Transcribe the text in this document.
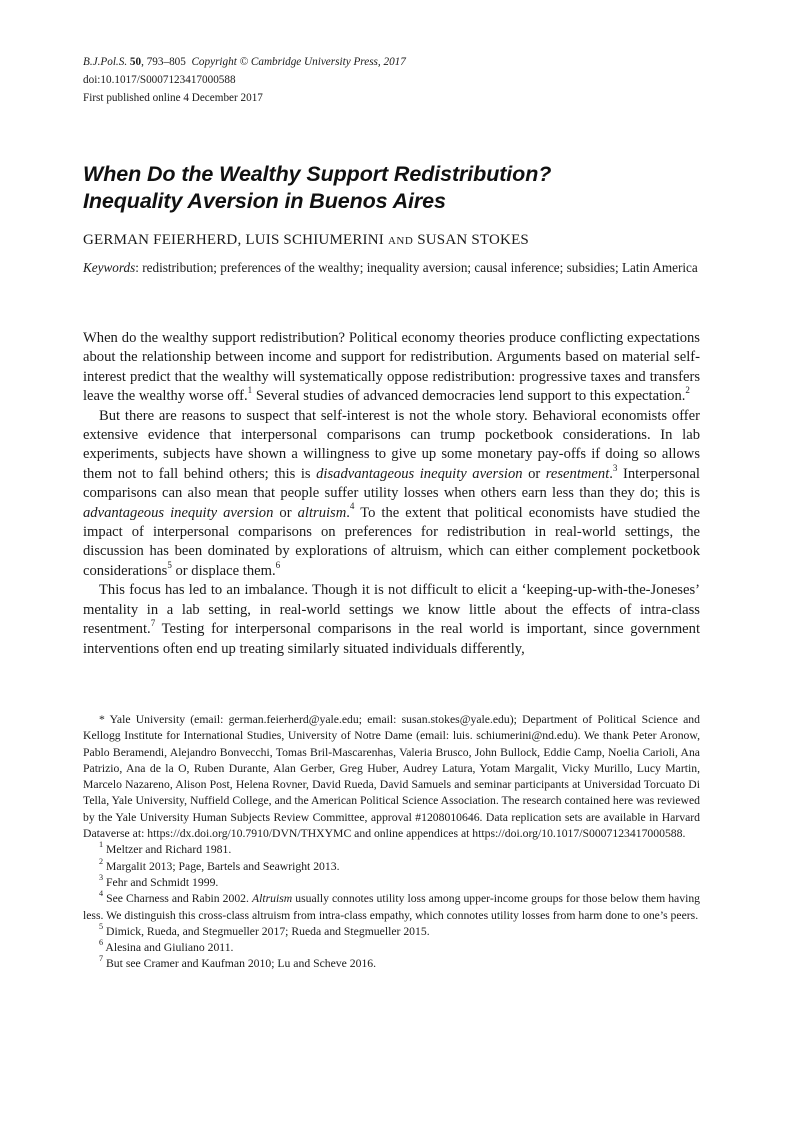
B.J.Pol.S. 50, 793–805 Copyright © Cambridge University Press, 2017
doi:10.1017/S0007123417000588
First published online 4 December 2017
When Do the Wealthy Support Redistribution?
Inequality Aversion in Buenos Aires
GERMAN FEIERHERD, LUIS SCHIUMERINI AND SUSAN STOKES
Keywords: redistribution; preferences of the wealthy; inequality aversion; causal inference; subsidies; Latin America

When do the wealthy support redistribution? Political economy theories produce conflicting expectations about the relationship between income and support for redistribution. Arguments based on material self-interest predict that the wealthy will systematically oppose redistribution: progressive taxes and transfers leave the wealthy worse off.$^1$ Several studies of advanced democracies lend support to this expectation.$^2$

But there are reasons to suspect that self-interest is not the whole story. Behavioral economists offer extensive evidence that interpersonal comparisons can trump pocketbook considerations. In lab experiments, subjects have shown a willingness to give up some monetary pay-offs if doing so allows them not to fall behind others; this is disadvantageous inequity aversion or resentment.$^3$ Interpersonal comparisons can also mean that people suffer utility losses when others earn less than they do; this is advantageous inequity aversion or altruism.$^4$ To the extent that political economists have studied the impact of interpersonal comparisons on preferences for redistribution in real-world settings, the discussion has been dominated by explorations of altruism, which can either complement pocketbook considerations$^5$ or displace them.$^6$

This focus has led to an imbalance. Though it is not difficult to elicit a ‘keeping-up-with-the-Joneses’ mentality in a lab setting, in real-world settings we know little about the effects of intra-class resentment.$^7$ Testing for interpersonal comparisons in the real world is important, since government interventions often end up treating similarly situated individuals differently,

* Yale University (email: german.feierherd@yale.edu; email: susan.stokes@yale.edu); Department of Political Science and Kellogg Institute for International Studies, University of Notre Dame (email: luis. schiumerini@nd.edu). We thank Peter Aronow, Pablo Beramendi, Alejandro Bonvecchi, Tomas Bril-Mascarenhas, Valeria Brusco, John Bullock, Eddie Camp, Noelia Carioli, Ana Patrizio, Ana de la O, Ruben Durante, Alan Gerber, Greg Huber, Audrey Latura, Yotam Margalit, Vicky Murillo, Lucy Martin, Marcelo Nazareno, Alison Post, Helena Rovner, David Rueda, David Samuels and seminar participants at Universidad Torcuato Di Tella, Yale University, Nuffield College, and the American Political Science Association. The research contained here was reviewed by the Yale University Human Subjects Review Committee, approval #1208010646. Data replication sets are available in Harvard Dataverse at: https://dx.doi.org/10.7910/DVN/THXYMC and online appendices at https://doi.org/10.1017/S0007123417000588.

$^1$ Meltzer and Richard 1981.

$^2$ Margalit 2013; Page, Bartels and Seawright 2013.

$^3$ Fehr and Schmidt 1999.

$^4$ See Charness and Rabin 2002. Altruism usually connotes utility loss among upper-income groups for those below them having less. We distinguish this cross-class altruism from intra-class empathy, which connotes utility losses from harm done to one’s peers.

$^5$ Dimick, Rueda, and Stegmueller 2017; Rueda and Stegmueller 2015.

$^6$ Alesina and Giuliano 2011.

$^7$ But see Cramer and Kaufman 2010; Lu and Scheve 2016.
